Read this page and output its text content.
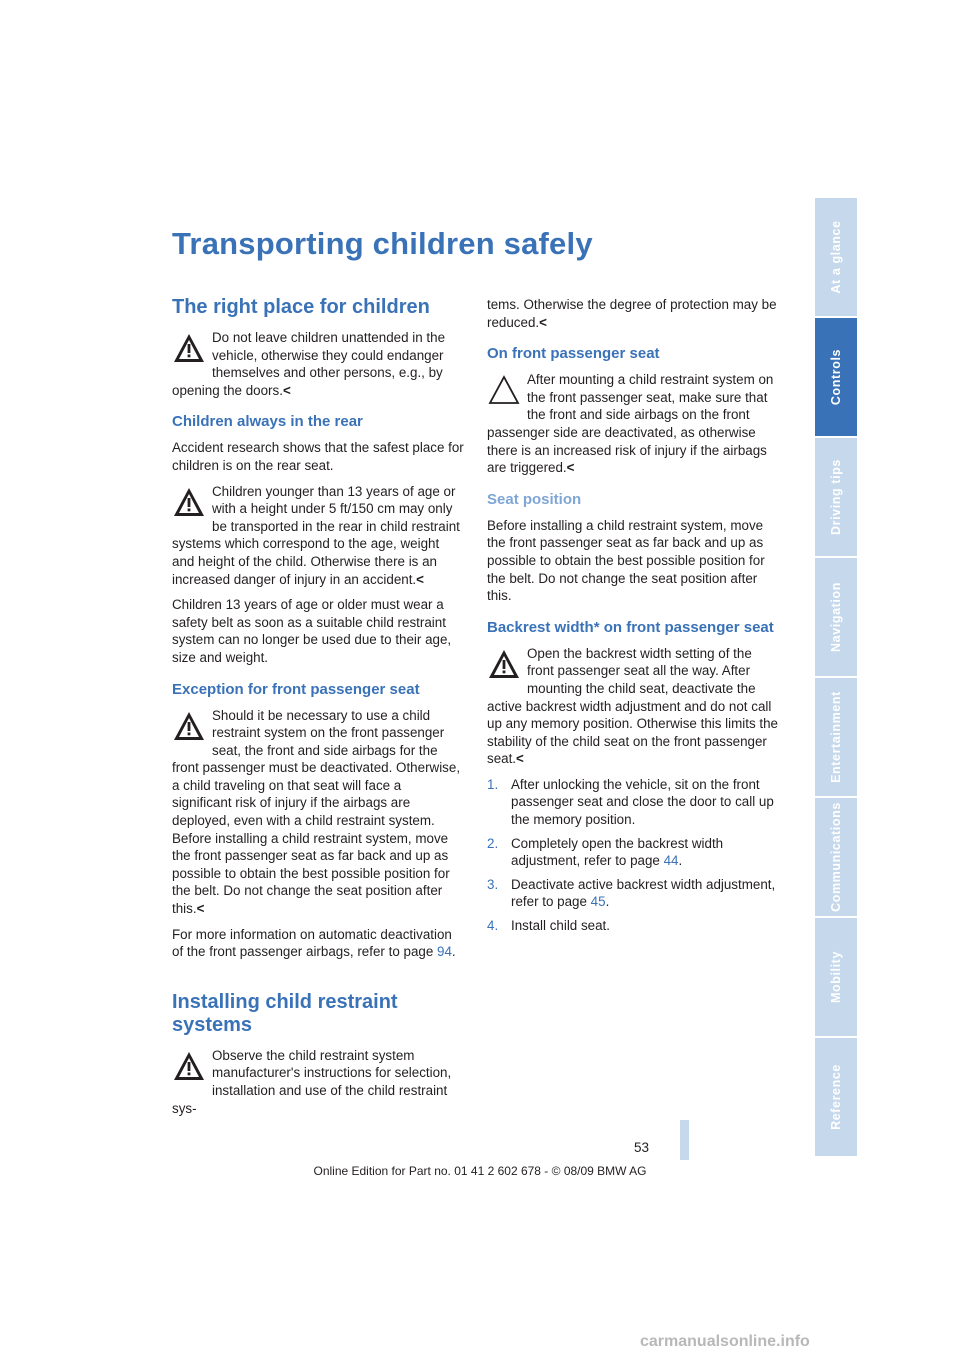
Transporting children safely
The right place for children
Do not leave children unattended in the vehicle, otherwise they could endanger themselves and other persons, e.g., by opening the doors.<
Children always in the rear

Accident research shows that the safest place for children is on the rear seat.

Children younger than 13 years of age or with a height under 5 ft/150 cm may only be transported in the rear in child restraint systems which correspond to the age, weight and height of the child. Otherwise there is an increased danger of injury in an accident.<

Children 13 years of age or older must wear a safety belt as soon as a suitable child restraint system can no longer be used due to their age, size and weight.

Exception for front passenger seat
Should it be necessary to use a child restraint system on the front passenger seat, the front and side airbags for the front passenger must be deactivated. Otherwise, a child traveling on that seat will face a significant risk of injury if the airbags are deployed, even with a child restraint system.
Before installing a child restraint system, move the front passenger seat as far back and up as possible to obtain the best possible position for the belt. Do not change the seat position after this.<

For more information on automatic deactivation of the front passenger airbags, refer to page 94.

Installing child restraint systems
Observe the child restraint system manufacturer's instructions for selection, installation and use of the child restraint sys-

tems. Otherwise the degree of protection may be reduced.<

On front passenger seat
After mounting a child restraint system on the front passenger seat, make sure that the front and side airbags on the front passenger side are deactivated, as otherwise there is an increased risk of injury if the airbags are triggered.<
Seat position

Before installing a child restraint system, move the front passenger seat as far back and up as possible to obtain the best possible position for the belt. Do not change the seat position after this.

Backrest width* on front passenger seat
Open the backrest width setting of the front passenger seat all the way. After mounting the child seat, deactivate the active backrest width adjustment and do not call up any memory position. Otherwise this limits the stability of the child seat on the front passenger seat.<
1. After unlocking the vehicle, sit on the front passenger seat and close the door to call up the memory position.
2. Completely open the backrest width adjustment, refer to page 44.
3. Deactivate active backrest width adjustment, refer to page 45.
4. Install child seat.
At a glance
Controls
Driving tips
Navigation
Entertainment
Communications
Mobility
Reference
53
Online Edition for Part no. 01 41 2 602 678 - © 08/09 BMW AG
carmanualsonline.info
